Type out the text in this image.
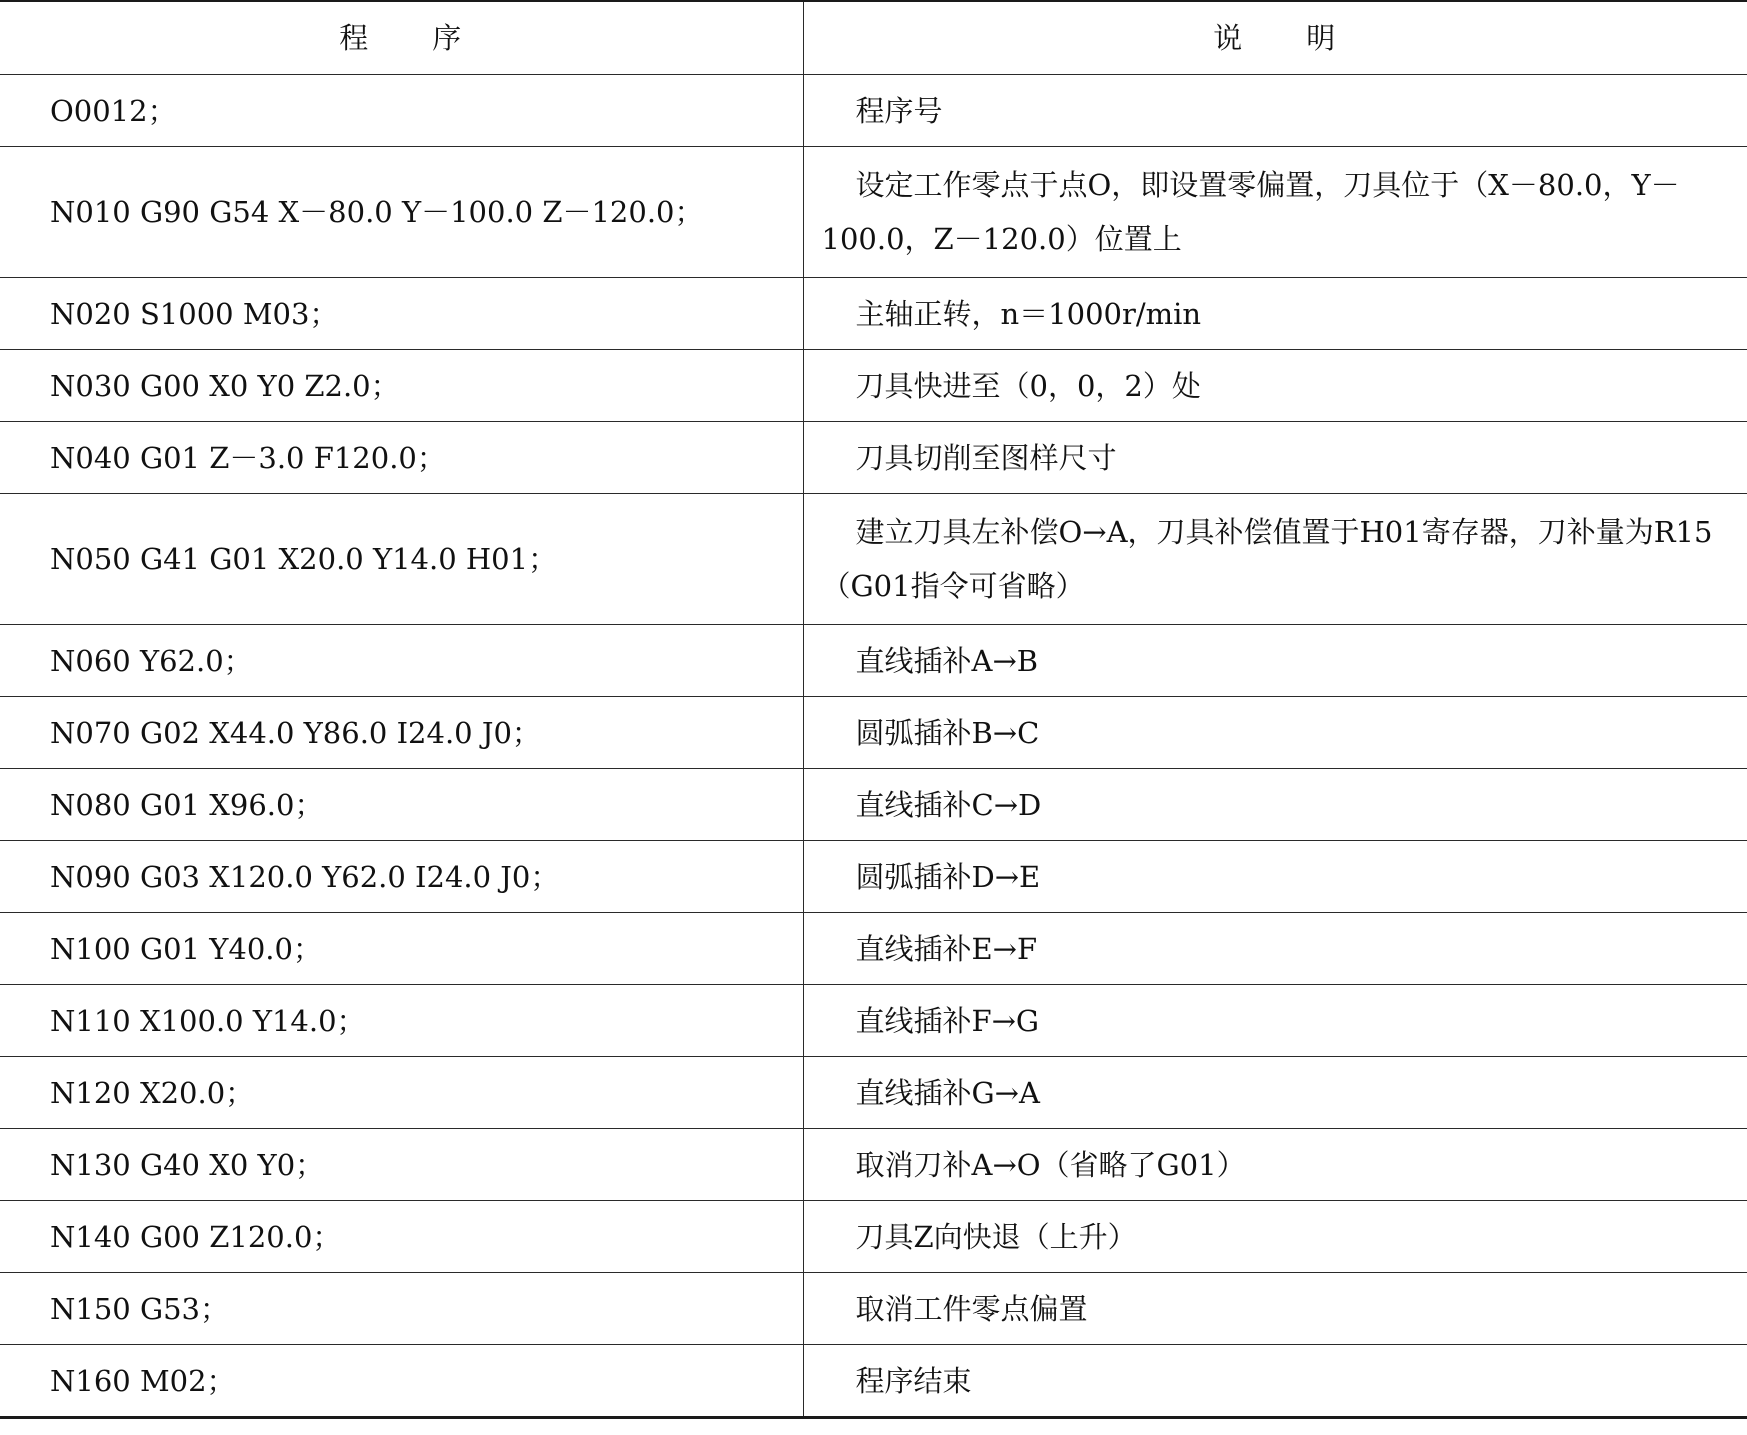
程　　序	说　　明
O0012；	程序号

N010 G90 G54 X－80.0 Y－100.0 Z－120.0；	设定工作零点于点O，即设置零偏置，刀具位于（X－80.0，Y－100.0，Z－120.0）位置上

N020 S1000 M03；	主轴正转，n＝1000r/min

N030 G00 X0 Y0 Z2.0；	刀具快进至（0，0，2）处

N040 G01 Z－3.0 F120.0；	刀具切削至图样尺寸

N050 G41 G01 X20.0 Y14.0 H01；	建立刀具左补偿O→A，刀具补偿值置于H01寄存器，刀补量为R15（G01指令可省略）

N060 Y62.0；	直线插补A→B

N070 G02 X44.0 Y86.0 I24.0 J0；	圆弧插补B→C

N080 G01 X96.0；	直线插补C→D

N090 G03 X120.0 Y62.0 I24.0 J0；	圆弧插补D→E

N100 G01 Y40.0；	直线插补E→F

N110 X100.0 Y14.0；	直线插补F→G

N120 X20.0；	直线插补G→A

N130 G40 X0 Y0；	取消刀补A→O（省略了G01）

N140 G00 Z120.0；	刀具Z向快退（上升）

N150 G53；	取消工件零点偏置

N160 M02；	程序结束
